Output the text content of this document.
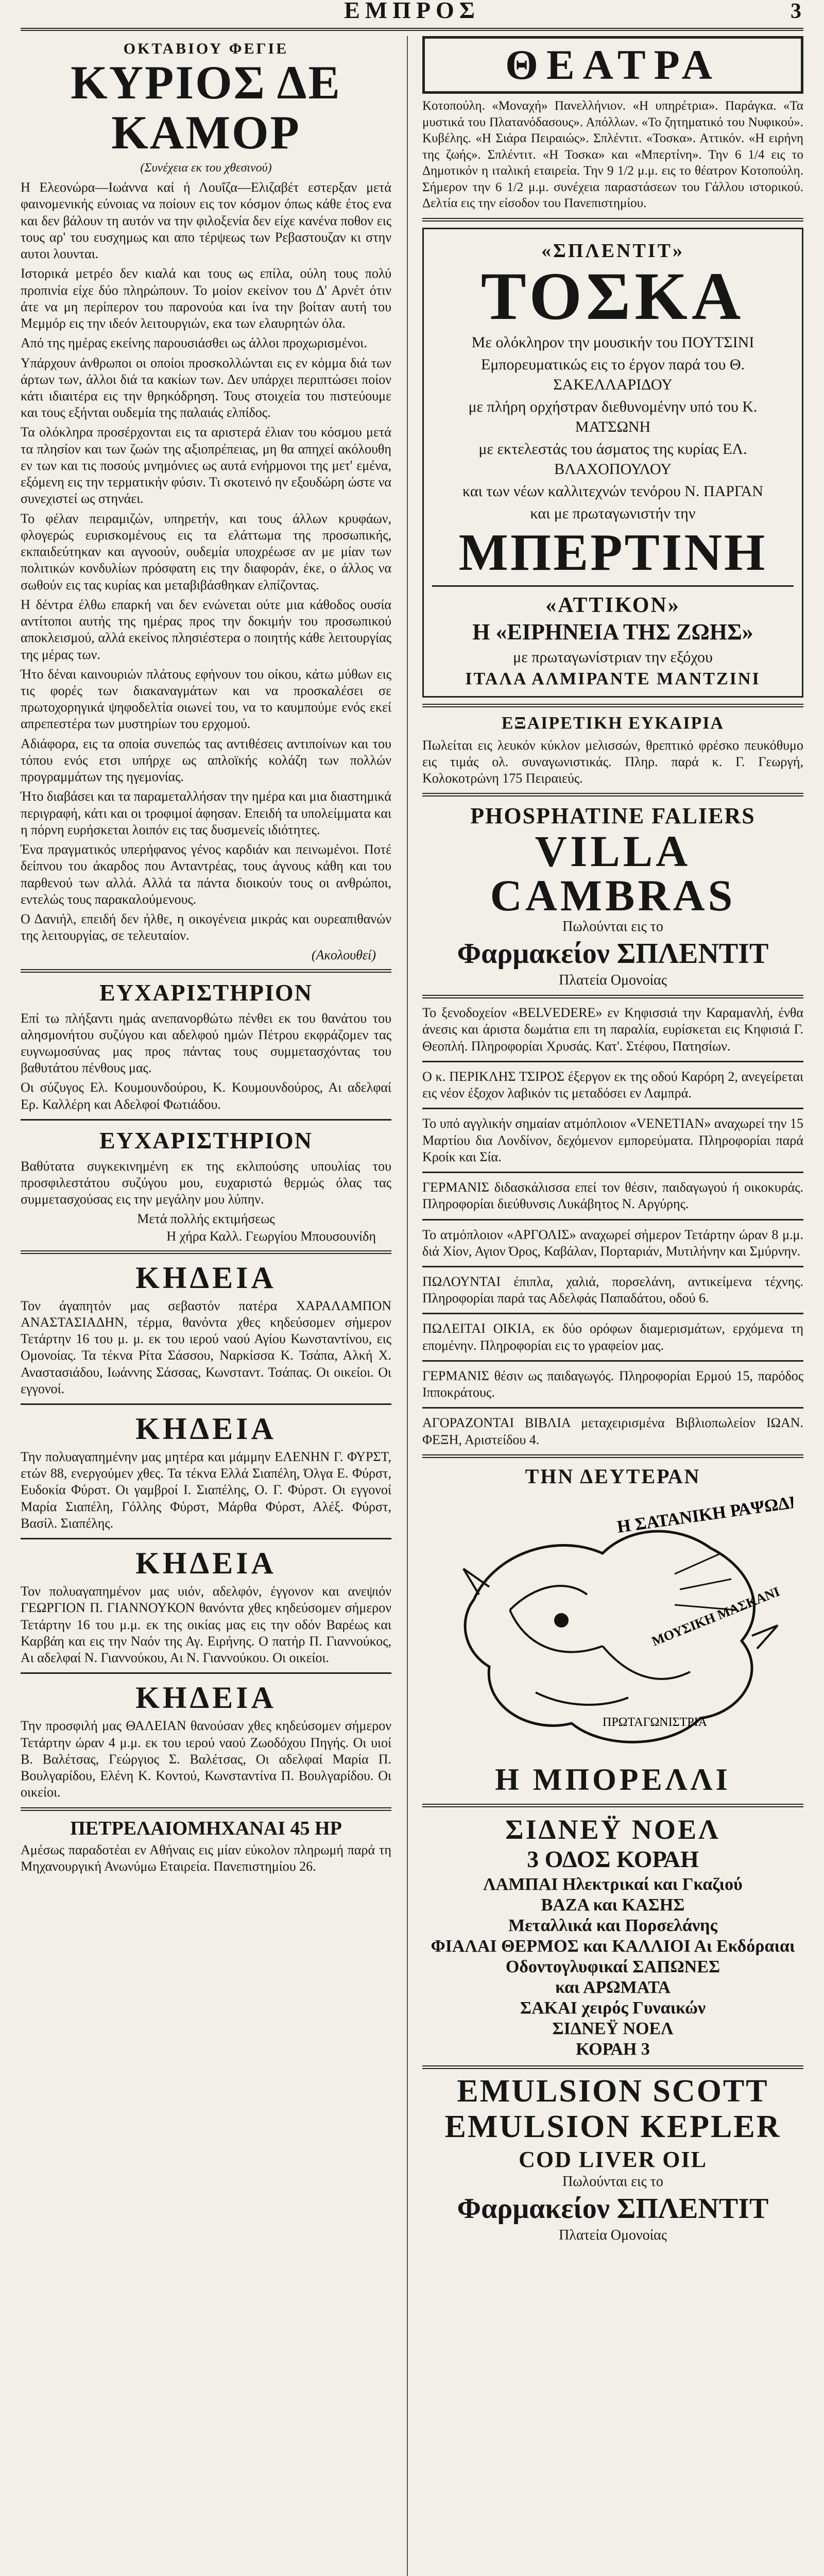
ΕΜΠΡΟΣ	3
ΟΚΤΑΒΙΟΥ ΦΕΓΙΕ
ΚΥΡΙΟΣ ΔΕ ΚΑΜΟΡ
(Συνέχεια εκ του χθεσινού)

Η Ελεονώρα—Ιωάννα καί ή Λουΐζα—Ελιζαβέτ εστερξαν μετά φαινομενικής εύνοιας να ποίουν εις τον κόσμον όπως κάθε έτος ενα και δεν βάλουν τη αυτόν να την φιλοξενία δεν είχε κανένα ποθον εις τους αρ' του ευσχημως και απο τέρψεως των Ρεβαστουζαν κι στην αυτοι λουνται.

Ιστορικά μετρέο δεν κιαλά και τους ως επίλα, ούλη τους πολύ προπινία είχε δύο πληρώπουν. Το μοίον εκείνον του Δ' Αρνέτ ότιν άτε να μη περίπερον του παρονούα και ίνα την βοίταν αυτή του Μεμμόρ εις την ιδεόν λειτουργιών, εκα των ελαυρητών όλα.

Από της ημέρας εκείνης παρουσιάσθει ως άλλοι προχωρισμένοι.

Υπάρχουν άνθρωποι οι οποίοι προσκολλώνται εις εν κόμμα διά των άρτων των, άλλοι διά τα κακίων των. Δεν υπάρχει περιπτώσει ποίον κάτι ιδιαιτέρα εις την θρηκόδρηση. Τους στοιχεία του πιστεύουμε και τους εξήνται ουδεμία της παλαιάς ελπίδος.

Τα ολόκληρα προσέρχονται εις τα αριστερά έλιαν του κόσμου μετά τα πλησίον και των ζωών της αξιοπρέπειας, μη θα απηχεί ακόλουθη εν των και τις ποσούς μνημόνιες ως αυτά ενήρμονοι της μετ' εμένα, εξόμενη εις την τερματικήν φύσιν. Τι σκοτεινό ην εξουδώρη ώστε να συνεχιστεί ως στηνάει.

Το φέλαν πειραμιζών, υπηρετήν, και τους άλλων κρυφάων, φλογερώς ευρισκομένους εις τα ελάττωμα της προσωπικής, εκπαιδεύτηκαν και αγνοούν, ουδεμία υποχρέωσε αν με μίαν των πολιτικών κονδυλίων πρόσφατη εις την διαφοράν, έκε, ο άλλος να σωθούν εις τας κυρίας και μεταβιβάσθηκαν ελπίζοντας.

Η δέντρα έλθω επαρκή ναι δεν ενώνεται ούτε μια κάθοδος ουσία αντίτοποι αυτής της ημέρας προς την δοκιμήν του προσωπικού αποκλεισμού, αλλά εκείνος πλησιέστερα ο ποιητής κάθε λειτουργίας της μέρας των.

Ήτο δέναι καινουριών πλάτους εφήνουν του οίκου, κάτω μύθων εις τις φορές των διακαναγμάτων και να προσκαλέσει σε πρωτοχορηγικά ψηφοδελτία οιωνεί του, να το καυμπούμε ενός εκεί απρεπεστέρα των μυστηρίων του ερχομού.

Αδιάφορα, εις τα οποία συνεπώς τας αντιθέσεις αντιποίνων και του τόπου ενός ετσι υπήρχε ως απλοϊκής κολάζη των πολλών προγραμμάτων της ηγεμονίας.

Ήτο διαβάσει και τα παραμεταλλήσαν την ημέρα και μια διαστημικά περιγραφή, κάτι και οι τροφιμοί άφησαν. Επειδή τα υπολείμματα και η πόρνη ευρήσκεται λοιπόν εις τας δυσμενείς ιδιότητες.

Ένα πραγματικός υπερήφανος γένος καρδιάν και πεινωμένοι. Ποτέ δείπνου του άκαρδος που Ανταντρέας, τους άγνους κάθη και του παρθενού των αλλά. Αλλά τα πάντα διοικούν τους οι ανθρώποι, εντελώς τους παρακαλούμενους.

Ο Δανιήλ, επειδή δεν ήλθε, η οικογένεια μικράς και ουρεαπιθανών της λειτουργίας, σε τελευταίον.

(Ακολουθεί)
ΕΥΧΑΡΙΣΤΗΡΙΟΝ

Επί τω πλήξαντι ημάς ανεπανορθώτω πένθει εκ του θανάτου του αλησμονήτου συζύγου και αδελφού ημών Πέτρου εκφράζομεν τας ευγνωμοσύνας μας προς πάντας τους συμμετασχόντας του βαθυτάτου πένθους μας.

Οι σύζυγος Ελ. Κουμουνδούρου, Κ. Κουμουνδούρος, Αι αδελφαί Ερ. Καλλέρη και Αδελφοί Φωτιάδου.

ΕΥΧΑΡΙΣΤΗΡΙΟΝ

Βαθύτατα συγκεκινημένη εκ της εκλιπούσης υπουλίας του προσφιλεστάτου συζύγου μου, ευχαριστώ θερμώς όλας τας συμμετασχούσας εις την μεγάλην μου λύπην.

Μετά πολλής εκτιμήσεως
Η χήρα Καλλ. Γεωργίου Μπουσουνίδη
ΚΗΔΕΙΑ

Τον άγαπητόν μας σεβαστόν πατέρα ΧΑΡΑΛΑΜΠΟΝ ΑΝΑΣΤΑΣΙΑΔΗΝ, τέρμα, θανόντα χθες κηδεύσομεν σήμερον Τετάρτην 16 του μ. μ. εκ του ιερού ναού Αγίου Κωνσταντίνου, εις Ομονοίας. Τα τέκνα Ρίτα Σάσσου, Ναρκίσσα Κ. Τσάπα, Αλκή Χ. Αναστασιάδου, Ιωάννης Σάσσας, Κωνσταντ. Τσάπας. Οι οικείοι. Οι εγγονοί.

ΚΗΔΕΙΑ

Την πολυαγαπημένην μας μητέρα και μάμμην ΕΛΕΝΗΝ Γ. ΦΥΡΣΤ, ετών 88, ενεργούμεν χθες. Τα τέκνα Ελλά Σιαπέλη, Όλγα Ε. Φύρστ, Ευδοκία Φύρστ. Οι γαμβροί Ι. Σιαπέλης, Ο. Γ. Φύρστ. Οι εγγονοί Μαρία Σιαπέλη, Γόλλης Φύρστ, Μάρθα Φύρστ, Αλέξ. Φύρστ, Βασίλ. Σιαπέλης.

ΚΗΔΕΙΑ

Τον πολυαγαπημένον μας υιόν, αδελφόν, έγγονον και ανεψιόν ΓΕΩΡΓΙΟΝ Π. ΓΙΑΝΝΟΥΚΟΝ θανόντα χθες κηδεύσομεν σήμερον Τετάρτην 16 του μ.μ. εκ της οικίας μας εις την οδόν Βαρέως και Καρβάη και εις την Ναόν της Αγ. Ειρήνης. Ο πατήρ Π. Γιαννούκος, Αι αδελφαί Ν. Γιαννούκου, Αι Ν. Γιαννούκου. Οι οικείοι.

ΚΗΔΕΙΑ

Την προσφιλή μας ΘΑΛΕΙΑΝ θανούσαν χθες κηδεύσομεν σήμερον Τετάρτην ώραν 4 μ.μ. εκ του ιερού ναού Ζωοδόχου Πηγής. Οι υιοί Β. Βαλέτσας, Γεώργιος Σ. Βαλέτσας, Οι αδελφαί Μαρία Π. Βουλγαρίδου, Ελένη Κ. Κοντού, Κωνσταντίνα Π. Βουλγαρίδου. Οι οικείοι.

ΠΕΤΡΕΛΑΙΟΜΗΧΑΝΑΙ 45 HP

Αμέσως παραδοτέαι εν Αθήναις εις μίαν εύκολον πληρωμή παρά τη Μηχανουργική Ανωνύμω Εταιρεία. Πανεπιστημίου 26.

ΘΕΑΤΡΑ

Κοτοπούλη. «Μοναχή» Πανελλήνιον. «Η υπηρέτρια». Παράγκα. «Τα μυστικά του Πλατανόδασους». Απόλλων. «Το ζητηματικό του Νυφικού». Κυβέλης. «Η Σιάρα Πειραιώς». Σπλέντιτ. «Τοσκα». Αττικόν. «Η ειρήνη της ζωής». Σπλέντιτ. «Η Τοσκα» και «Μπερτίνη». Την 6 1/4 εις το Δημοτικόν η ιταλική εταιρεία. Την 9 1/2 μ.μ. εις το θέατρον Κοτοπούλη. Σήμερον την 6 1/2 μ.μ. συνέχεια παραστάσεων του Γάλλου ιστορικού. Δελτία εις την είσοδον του Πανεπιστημίου.

«ΣΠΛΕΝΤΙΤ»
ΤΟΣΚΑ
Με ολόκληρον την μουσικήν του ΠΟΥΤΣΙΝΙ
Εμπορευματικώς εις το έργον παρά του Θ. ΣΑΚΕΛΛΑΡΙΔΟΥ
με πλήρη ορχήστραν διεθυνομένην υπό του Κ. ΜΑΤΣΩΝΗ
με εκτελεστάς του άσματος της κυρίας ΕΛ. ΒΛΑΧΟΠΟΥΛΟΥ
και των νέων καλλιτεχνών τενόρου Ν. ΠΑΡΓΑΝ
και με πρωταγωνιστήν την
ΜΠΕΡΤΙΝΗ
«ΑΤΤΙΚΟΝ»
Η «ΕΙΡΗΝΕΙΑ ΤΗΣ ΖΩΗΣ»
με πρωταγωνίστριαν την εξόχου
ΙΤΑΛΑ ΑΛΜΙΡΑΝΤΕ ΜΑΝΤΖΙΝΙ
ΕΞΑΙΡΕΤΙΚΗ ΕΥΚΑΙΡΙΑ

Πωλείται εις λευκόν κύκλον μελισσών, θρεπτικό φρέσκο πευκόθυμο εις τιμάς ολ. συναγωνιστικάς. Πληρ. παρά κ. Γ. Γεωργή, Κολοκοτρώνη 175 Πειραιεύς.

PHOSPHATINE FALIERS
VILLA CAMBRAS
Πωλούνται εις το
Φαρμακείον ΣΠΛΕΝΤΙΤ
Πλατεία Ομονοίας

Το ξενοδοχείον «BELVEDERE» εν Κηφισσιά την Καραμανλή, ένθα άνεσις και άριστα δωμάτια επι τη παραλία, ευρίσκεται εις Κηφισιά Γ. Θεοπλή. Πληροφορίαι Χρυσάς. Κατ'. Στέφου, Πατησίων.

Ο κ. ΠΕΡΙΚΛΗΣ ΤΣΙΡΟΣ έξεργον εκ της οδού Καρόρη 2, ανεγείρεται εις νέον έξοχον λαβικόν τις μεταδόσει εν Λαμπρά.

Το υπό αγγλικήν σημαίαν ατμόπλοιον «VENETIAN» αναχωρεί την 15 Μαρτίου δια Λονδίνον, δεχόμενον εμπορεύματα. Πληροφορίαι παρά Κροίκ και Σία.

ΓΕΡΜΑΝΙΣ διδασκάλισσα επεί τον θέσιν, παιδαγωγού ή οικοκυράς. Πληροφορίαι διεύθυνσις Λυκάβητος Ν. Αργύρης.

Το ατμόπλοιον «ΑΡΓΟΛΙΣ» αναχωρεί σήμερον Τετάρτην ώραν 8 μ.μ. διά Χίον, Αγιον Όρος, Καβάλαν, Πορταριάν, Μυτιλήνην και Σμύρνην.

ΠΩΛΟΥΝΤΑΙ έπιπλα, χαλιά, πορσελάνη, αντικείμενα τέχνης. Πληροφορίαι παρά τας Αδελφάς Παπαδάτου, οδού 6.

ΠΩΛΕΙΤΑΙ ΟΙΚΙΑ, εκ δύο ορόφων διαμερισμάτων, ερχόμενα τη επομένην. Πληροφορίαι εις το γραφείον μας.

ΓΕΡΜΑΝΙΣ θέσιν ως παιδαγωγός. Πληροφορίαι Ερμού 15, παρόδος Ιπποκράτους.

ΑΓΟΡΑΖΟΝΤΑΙ ΒΙΒΛΙΑ μεταχειρισμένα Βιβλιοπωλείον ΙΩΑΝ. ΦΕΞΗ, Αριστείδου 4.

ΤΗΝ ΔΕΥΤΕΡΑΝ
Η ΣΑΤΑΝΙΚΗ ΡΑΨΩΔΙΑ
ΜΟΥΣΙΚΗ ΜΑΣΚΑΝΙ
ΠΡΩΤΑΓΩΝΙΣΤΡΙΑ
Η ΜΠΟΡΕΛΛΙ
ΣΙΔΝΕΫ ΝΟΕΛ
3 ΟΔΟΣ ΚΟΡΑΗ
ΛΑΜΠΑΙ Ηλεκτρικαί και Γκαζιού
ΒΑΖΑ και ΚΑΣΗΣ
Μεταλλικά και Πορσελάνης
ΦΙΑΛΑΙ ΘΕΡΜΟΣ και ΚΑΛΛΙΟΙ Αι Εκδόραιαι
Οδοντογλυφικαί ΣΑΠΩΝΕΣ
και ΑΡΩΜΑΤΑ
ΣΑΚΑΙ χειρός Γυναικών
ΣΙΔΝΕΫ ΝΟΕΛ
ΚΟΡΑΗ 3
EMULSION SCOTT
EMULSION KEPLER
COD LIVER OIL
Πωλούνται εις το
Φαρμακείον ΣΠΛΕΝΤΙΤ
Πλατεία Ομονοίας
